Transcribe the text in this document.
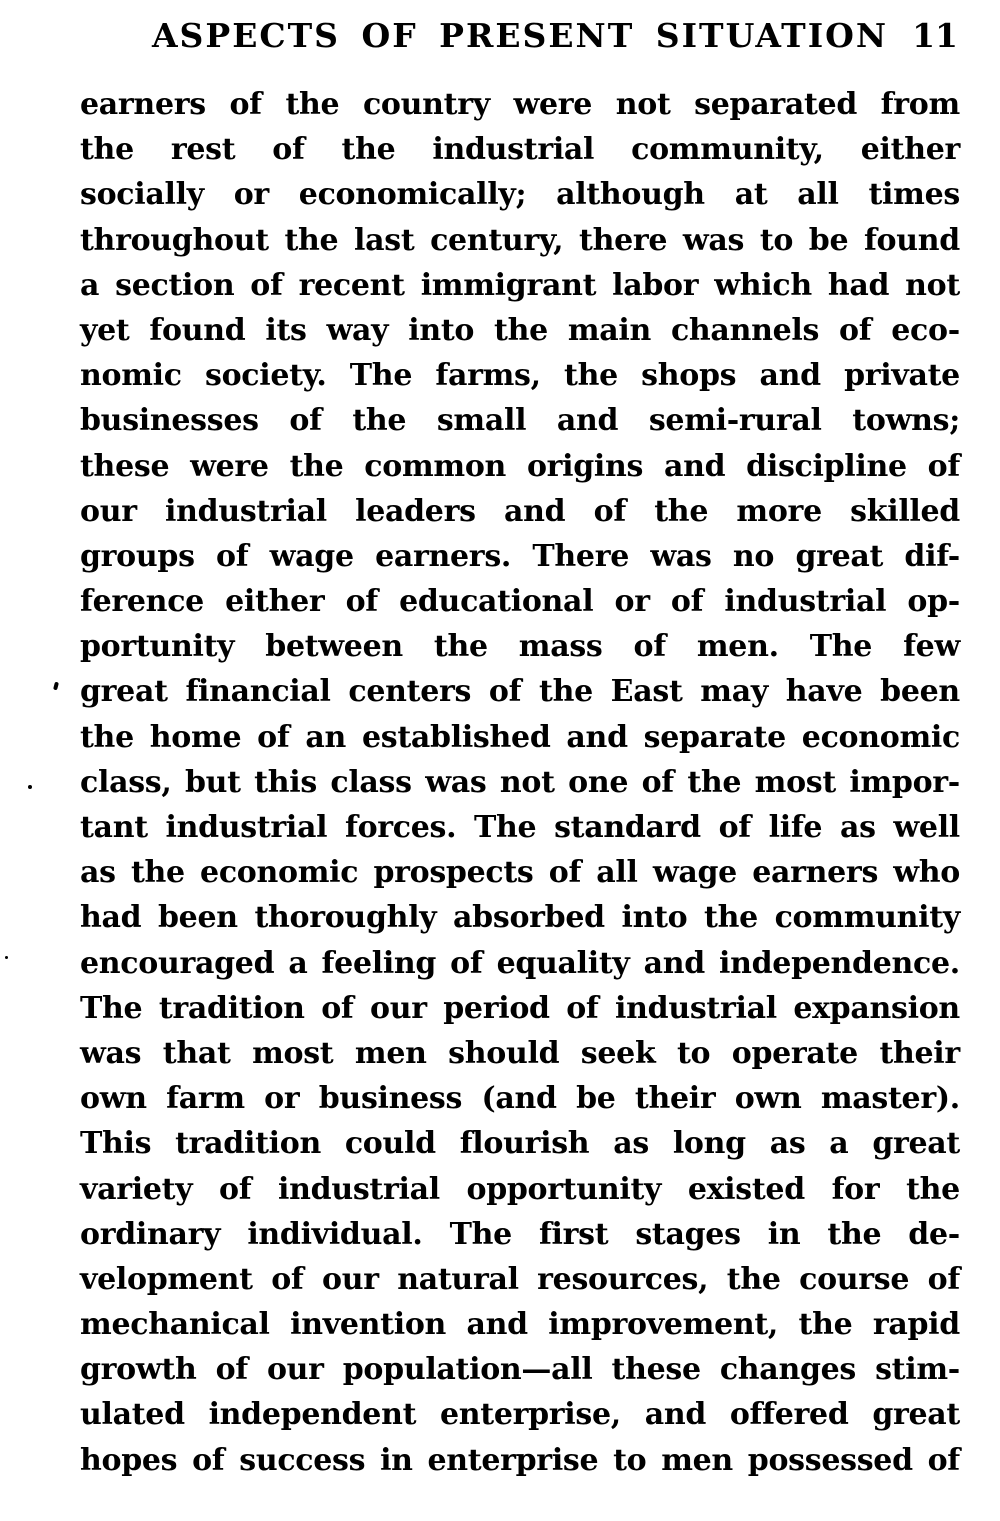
ASPECTS OF PRESENT SITUATION 11
earners of the country were not separated from
the rest of the industrial community, either
socially or economically; although at all times
throughout the last century, there was to be found
a section of recent immigrant labor which had not
yet found its way into the main channels of eco-
nomic society. The farms, the shops and private
businesses of the small and semi-rural towns;
these were the common origins and discipline of
our industrial leaders and of the more skilled
groups of wage earners. There was no great dif-
ference either of educational or of industrial op-
portunity between the mass of men. The few
great financial centers of the East may have been
the home of an established and separate economic
class, but this class was not one of the most impor-
tant industrial forces. The standard of life as well
as the economic prospects of all wage earners who
had been thoroughly absorbed into the community
encouraged a feeling of equality and independence.
The tradition of our period of industrial expansion
was that most men should seek to operate their
own farm or business (and be their own master).
This tradition could flourish as long as a great
variety of industrial opportunity existed for the
ordinary individual. The first stages in the de-
velopment of our natural resources, the course of
mechanical invention and improvement, the rapid
growth of our population—all these changes stim-
ulated independent enterprise, and offered great
hopes of success in enterprise to men possessed of
